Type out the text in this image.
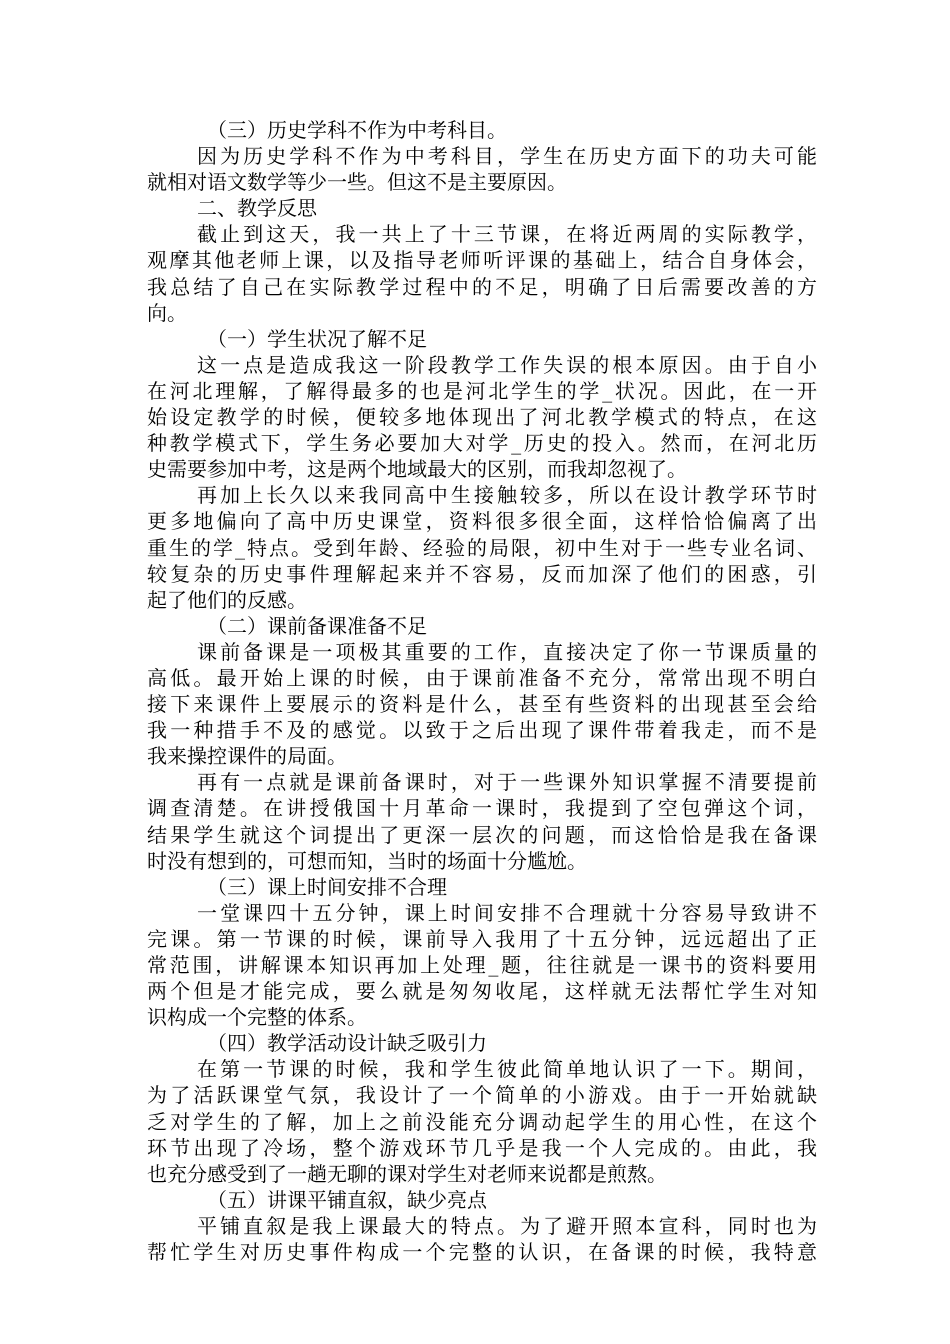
（三）历史学科不作为中考科目。
因为历史学科不作为中考科目，学生在历史方面下的功夫可能
就相对语文数学等少一些。但这不是主要原因。
二、教学反思
截止到这天，我一共上了十三节课，在将近两周的实际教学，
观摩其他老师上课，以及指导老师听评课的基础上，结合自身体会，
我总结了自己在实际教学过程中的不足，明确了日后需要改善的方
向。
（一）学生状况了解不足
这一点是造成我这一阶段教学工作失误的根本原因。由于自小
在河北理解，了解得最多的也是河北学生的学_状况。因此，在一开
始设定教学的时候，便较多地体现出了河北教学模式的特点，在这
种教学模式下，学生务必要加大对学_历史的投入。然而，在河北历
史需要参加中考，这是两个地域最大的区别，而我却忽视了。
再加上长久以来我同高中生接触较多，所以在设计教学环节时
更多地偏向了高中历史课堂，资料很多很全面，这样恰恰偏离了出
重生的学_特点。受到年龄、经验的局限，初中生对于一些专业名词、
较复杂的历史事件理解起来并不容易，反而加深了他们的困惑，引
起了他们的反感。
（二）课前备课准备不足
课前备课是一项极其重要的工作，直接决定了你一节课质量的
高低。最开始上课的时候，由于课前准备不充分，常常出现不明白
接下来课件上要展示的资料是什么，甚至有些资料的出现甚至会给
我一种措手不及的感觉。以致于之后出现了课件带着我走，而不是
我来操控课件的局面。
再有一点就是课前备课时，对于一些课外知识掌握不清要提前
调查清楚。在讲授俄国十月革命一课时，我提到了空包弹这个词，
结果学生就这个词提出了更深一层次的问题，而这恰恰是我在备课
时没有想到的，可想而知，当时的场面十分尴尬。
（三）课上时间安排不合理
一堂课四十五分钟，课上时间安排不合理就十分容易导致讲不
完课。第一节课的时候，课前导入我用了十五分钟，远远超出了正
常范围，讲解课本知识再加上处理_题，往往就是一课书的资料要用
两个但是才能完成，要么就是匆匆收尾，这样就无法帮忙学生对知
识构成一个完整的体系。
（四）教学活动设计缺乏吸引力
在第一节课的时候，我和学生彼此简单地认识了一下。期间，
为了活跃课堂气氛，我设计了一个简单的小游戏。由于一开始就缺
乏对学生的了解，加上之前没能充分调动起学生的用心性，在这个
环节出现了冷场，整个游戏环节几乎是我一个人完成的。由此，我
也充分感受到了一趟无聊的课对学生对老师来说都是煎熬。
（五）讲课平铺直叙，缺少亮点
平铺直叙是我上课最大的特点。为了避开照本宣科，同时也为
帮忙学生对历史事件构成一个完整的认识，在备课的时候，我特意
